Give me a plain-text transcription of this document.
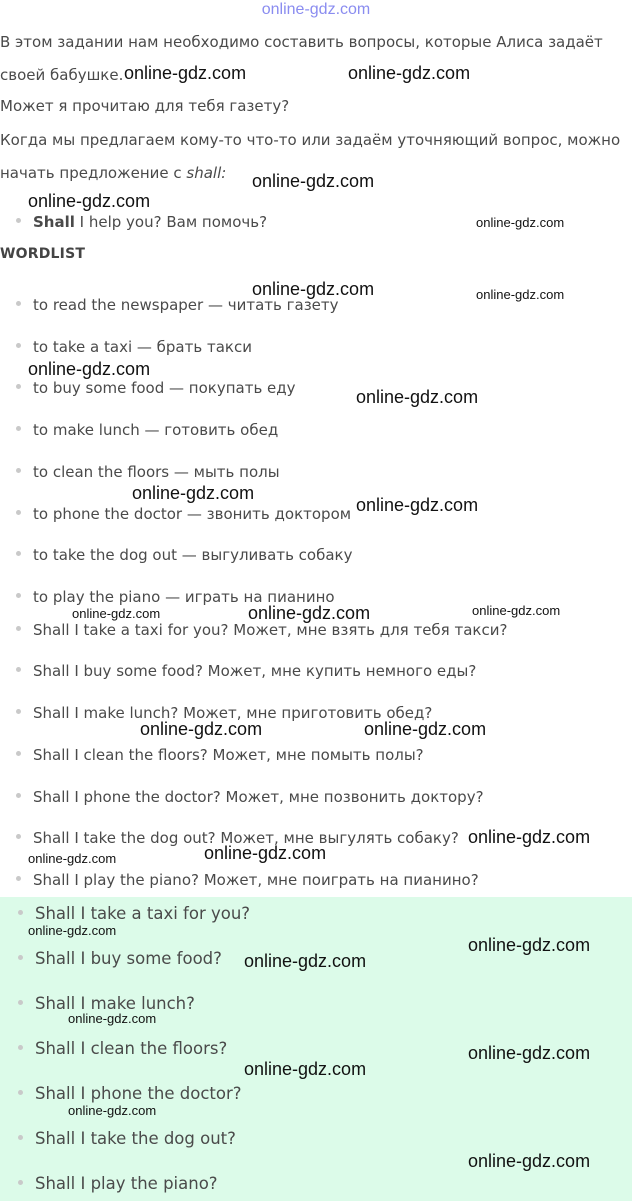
online-gdz.com
В этом задании нам необходимо составить вопросы, которые Алиса задаёт
своей бабушке.
Может я прочитаю для тебя газету?
Когда мы предлагаем кому-то что-то или задаём уточняющий вопрос, можно
начать предложение с shall:
Shall I help you? Вам помочь?
WORDLIST
to read the newspaper — читать газету
to take a taxi — брать такси
to buy some food — покупать еду
to make lunch — готовить обед
to clean the floors — мыть полы
to phone the doctor — звонить доктором
to take the dog out — выгуливать собаку
to play the piano — играть на пианино
Shall I take a taxi for you? Может, мне взять для тебя такси?
Shall I buy some food? Может, мне купить немного еды?
Shall I make lunch? Может, мне приготовить обед?
Shall I clean the floors? Может, мне помыть полы?
Shall I phone the doctor? Может, мне позвонить доктору?
Shall I take the dog out? Может, мне выгулять собаку?
Shall I play the piano? Может, мне поиграть на пианино?
Shall I take a taxi for you?
Shall I buy some food?
Shall I make lunch?
Shall I clean the floors?
Shall I phone the doctor?
Shall I take the dog out?
Shall I play the piano?
online-gdz.com	online-gdz.com
online-gdz.com
online-gdz.com
online-gdz.com
online-gdz.com	online-gdz.com
online-gdz.com
online-gdz.com
online-gdz.com
online-gdz.com
online-gdz.com	online-gdz.com	online-gdz.com
online-gdz.com	online-gdz.com
online-gdz.com
online-gdz.com	online-gdz.com
online-gdz.com
online-gdz.com
online-gdz.com
online-gdz.com
online-gdz.com
online-gdz.com
online-gdz.com
online-gdz.com
